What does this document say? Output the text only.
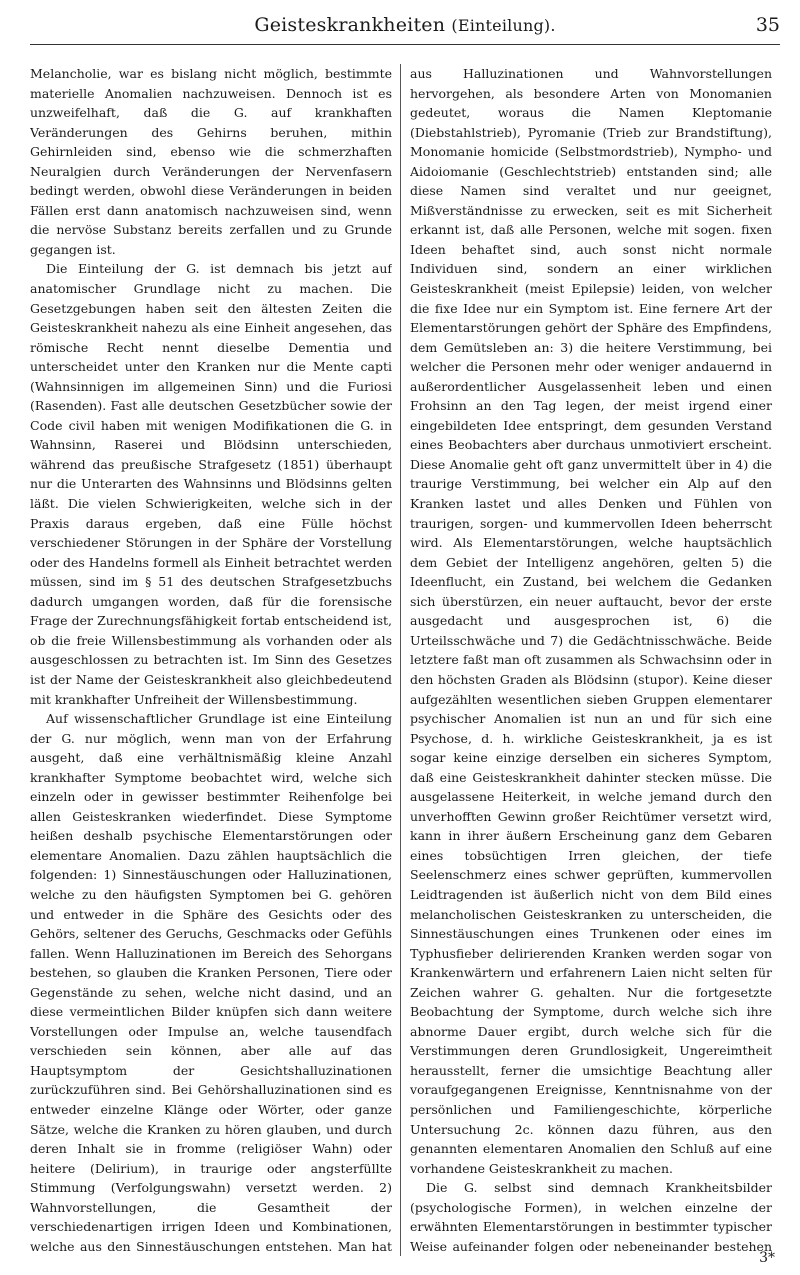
Geisteskrankheiten (Einteilung).	35

Melancholie, war es bislang nicht möglich, bestimmte materielle Anomalien nachzuweisen. Dennoch ist es unzweifelhaft, daß die G. auf krankhaften Veränderungen des Gehirns beruhen, mithin Gehirnleiden sind, ebenso wie die schmerzhaften Neuralgien durch Veränderungen der Nervenfasern bedingt werden, obwohl diese Veränderungen in beiden Fällen erst dann anatomisch nachzuweisen sind, wenn die nervöse Substanz bereits zerfallen und zu Grunde gegangen ist.

Die Einteilung der G. ist demnach bis jetzt auf anatomischer Grundlage nicht zu machen. Die Gesetzgebungen haben seit den ältesten Zeiten die Geisteskrankheit nahezu als eine Einheit angesehen, das römische Recht nennt dieselbe Dementia und unterscheidet unter den Kranken nur die Mente capti (Wahnsinnigen im allgemeinen Sinn) und die Furiosi (Rasenden). Fast alle deutschen Gesetzbücher sowie der Code civil haben mit wenigen Modifikationen die G. in Wahnsinn, Raserei und Blödsinn unterschieden, während das preußische Strafgesetz (1851) überhaupt nur die Unterarten des Wahnsinns und Blödsinns gelten läßt. Die vielen Schwierigkeiten, welche sich in der Praxis daraus ergeben, daß eine Fülle höchst verschiedener Störungen in der Sphäre der Vorstellung oder des Handelns formell als Einheit betrachtet werden müssen, sind im § 51 des deutschen Strafgesetzbuchs dadurch umgangen worden, daß für die forensische Frage der Zurechnungsfähigkeit fortab entscheidend ist, ob die freie Willensbestimmung als vorhanden oder als ausgeschlossen zu betrachten ist. Im Sinn des Gesetzes ist der Name der Geisteskrankheit also gleichbedeutend mit krankhafter Unfreiheit der Willensbestimmung.

Auf wissenschaftlicher Grundlage ist eine Einteilung der G. nur möglich, wenn man von der Erfahrung ausgeht, daß eine verhältnismäßig kleine Anzahl krankhafter Symptome beobachtet wird, welche sich einzeln oder in gewisser bestimmter Reihenfolge bei allen Geisteskranken wiederfindet. Diese Symptome heißen deshalb psychische Elementarstörungen oder elementare Anomalien. Dazu zählen hauptsächlich die folgenden: 1) Sinnestäuschungen oder Halluzinationen, welche zu den häufigsten Symptomen bei G. gehören und entweder in die Sphäre des Gesichts oder des Gehörs, seltener des Geruchs, Geschmacks oder Gefühls fallen. Wenn Halluzinationen im Bereich des Sehorgans bestehen, so glauben die Kranken Personen, Tiere oder Gegenstände zu sehen, welche nicht dasind, und an diese vermeintlichen Bilder knüpfen sich dann weitere Vorstellungen oder Impulse an, welche tausendfach verschieden sein können, aber alle auf das Hauptsymptom der Gesichtshalluzinationen zurückzuführen sind. Bei Gehörshalluzinationen sind es entweder einzelne Klänge oder Wörter, oder ganze Sätze, welche die Kranken zu hören glauben, und durch deren Inhalt sie in fromme (religiöser Wahn) oder heitere (Delirium), in traurige oder angsterfüllte Stimmung (Verfolgungswahn) versetzt werden. 2) Wahnvorstellungen, die Gesamtheit der verschiedenartigen irrigen Ideen und Kombinationen, welche aus den Sinnestäuschungen entstehen. Man hat

aus Halluzinationen und Wahnvorstellungen hervorgehen, als besondere Arten von Monomanien gedeutet, woraus die Namen Kleptomanie (Diebstahlstrieb), Pyromanie (Trieb zur Brandstiftung), Monomanie homicide (Selbstmordstrieb), Nympho- und Aidoiomanie (Geschlechtstrieb) entstanden sind; alle diese Namen sind veraltet und nur geeignet, Mißverständnisse zu erwecken, seit es mit Sicherheit erkannt ist, daß alle Personen, welche mit sogen. fixen Ideen behaftet sind, auch sonst nicht normale Individuen sind, sondern an einer wirklichen Geisteskrankheit (meist Epilepsie) leiden, von welcher die fixe Idee nur ein Symptom ist. Eine fernere Art der Elementarstörungen gehört der Sphäre des Empfindens, dem Gemütsleben an: 3) die heitere Verstimmung, bei welcher die Personen mehr oder weniger andauernd in außerordentlicher Ausgelassenheit leben und einen Frohsinn an den Tag legen, der meist irgend einer eingebildeten Idee entspringt, dem gesunden Verstand eines Beobachters aber durchaus unmotiviert erscheint. Diese Anomalie geht oft ganz unvermittelt über in 4) die traurige Verstimmung, bei welcher ein Alp auf den Kranken lastet und alles Denken und Fühlen von traurigen, sorgen- und kummervollen Ideen beherrscht wird. Als Elementarstörungen, welche hauptsächlich dem Gebiet der Intelligenz angehören, gelten 5) die Ideenflucht, ein Zustand, bei welchem die Gedanken sich überstürzen, ein neuer auftaucht, bevor der erste ausgedacht und ausgesprochen ist, 6) die Urteilsschwäche und 7) die Gedächtnisschwäche. Beide letztere faßt man oft zusammen als Schwachsinn oder in den höchsten Graden als Blödsinn (stupor). Keine dieser aufgezählten wesentlichen sieben Gruppen elementarer psychischer Anomalien ist nun an und für sich eine Psychose, d. h. wirkliche Geisteskrankheit, ja es ist sogar keine einzige derselben ein sicheres Symptom, daß eine Geisteskrankheit dahinter stecken müsse. Die ausgelassene Heiterkeit, in welche jemand durch den unverhofften Gewinn großer Reichtümer versetzt wird, kann in ihrer äußern Erscheinung ganz dem Gebaren eines tobsüchtigen Irren gleichen, der tiefe Seelenschmerz eines schwer geprüften, kummervollen Leidtragenden ist äußerlich nicht von dem Bild eines melancholischen Geisteskranken zu unterscheiden, die Sinnestäuschungen eines Trunkenen oder eines im Typhusfieber delirierenden Kranken werden sogar von Krankenwärtern und erfahrenern Laien nicht selten für Zeichen wahrer G. gehalten. Nur die fortgesetzte Beobachtung der Symptome, durch welche sich ihre abnorme Dauer ergibt, durch welche sich für die Verstimmungen deren Grundlosigkeit, Ungereimtheit herausstellt, ferner die umsichtige Beachtung aller voraufgegangenen Ereignisse, Kenntnisnahme von der persönlichen und Familiengeschichte, körperliche Untersuchung 2c. können dazu führen, aus den genannten elementaren Anomalien den Schluß auf eine vorhandene Geisteskrankheit zu machen.

Die G. selbst sind demnach Krankheitsbilder (psychologische Formen), in welchen einzelne der erwähnten Elementarstörungen in bestimmter typischer Weise aufeinander folgen oder nebeneinander bestehen

3*
